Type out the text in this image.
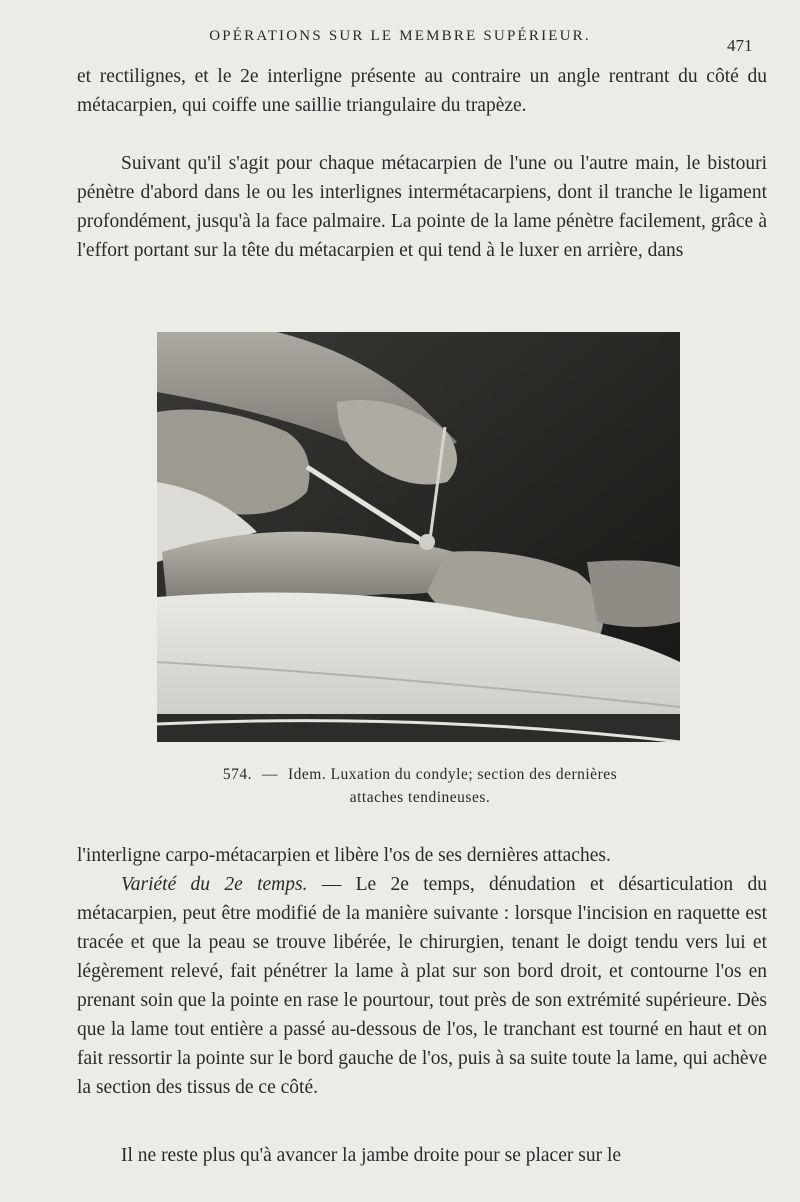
OPÉRATIONS SUR LE MEMBRE SUPÉRIEUR.	471

et rectilignes, et le 2e interligne présente au contraire un angle rentrant du côté du métacarpien, qui coiffe une saillie triangulaire du trapèze.

Suivant qu'il s'agit pour chaque métacarpien de l'une ou l'autre main, le bistouri pénètre d'abord dans le ou les interlignes intermétacarpiens, dont il tranche le ligament profondément, jusqu'à la face palmaire. La pointe de la lame pénètre facilement, grâce à l'effort portant sur la tête du métacarpien et qui tend à le luxer en arrière, dans

574. — Idem. Luxation du condyle; section des dernières
attaches tendineuses.

l'interligne carpo-métacarpien et libère l'os de ses dernières attaches.

Variété du 2e temps. — Le 2e temps, dénudation et désarticulation du métacarpien, peut être modifié de la manière suivante : lorsque l'incision en raquette est tracée et que la peau se trouve libérée, le chirurgien, tenant le doigt tendu vers lui et légèrement relevé, fait pénétrer la lame à plat sur son bord droit, et contourne l'os en prenant soin que la pointe en rase le pourtour, tout près de son extrémité supérieure. Dès que la lame tout entière a passé au-dessous de l'os, le tranchant est tourné en haut et on fait ressortir la pointe sur le bord gauche de l'os, puis à sa suite toute la lame, qui achève la section des tissus de ce côté.

Il ne reste plus qu'à avancer la jambe droite pour se placer sur le
